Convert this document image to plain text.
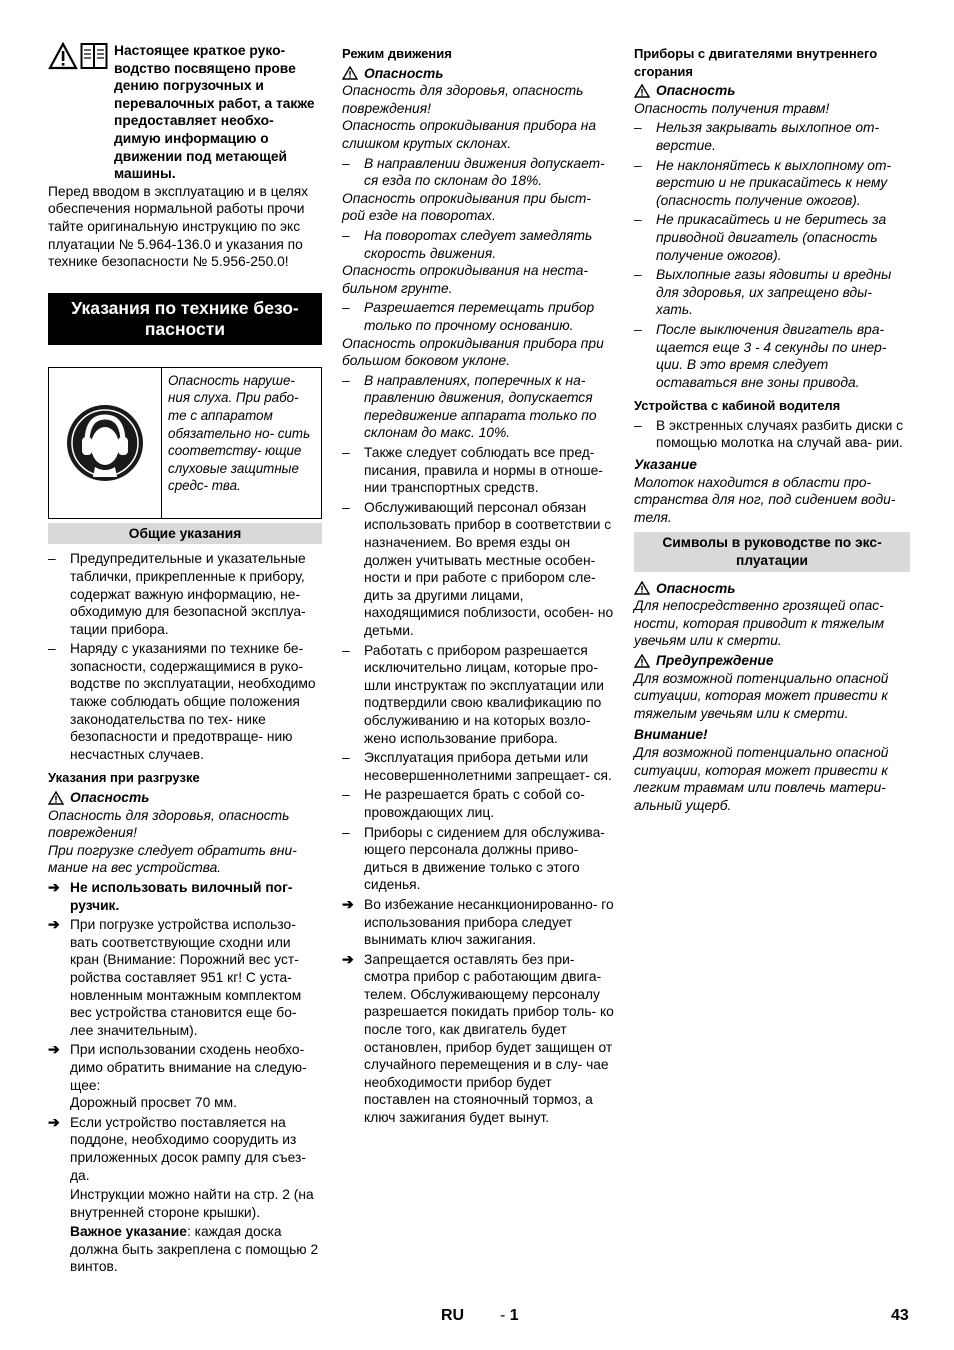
Настоящее краткое руко- водство посвящено прове дению погрузочных и перевалочных работ, а также предоставляет необхо- димую информацию о движении под метающей машины.

Перед вводом в эксплуатацию и в целях обеспечения нормальной работы прочи тайте оригинальную инструкцию по экс плуатации № 5.964-136.0 и указания по технике безопасности № 5.956-250.0!

Указания по технике безо- пасности
Опасность наруше- ния слуха. При рабо- те с аппаратом обязательно но- сить соответству- ющие слуховые защитные средс- тва.
Общие указания
–	Предупредительные и указательные таблички, прикрепленные к прибору, содержат важную информацию, не- обходимую для безопасной эксплуа- тации прибора.
–	Наряду с указаниями по технике бе- зопасности, содержащимися в руко- водстве по эксплуатации, необходимо также соблюдать общие положения законодательства по тех- нике безопасности и предотвраще- нию несчастных случаев.

Указания при разгрузке

Опасность

Опасность для здоровья, опасность повреждения!

При погрузке следует обратить вни- мание на вес устройства.

➔ Не использовать вилочный пог- рузчик.
➔ При погрузке устройства использо- вать соответствующие сходни или кран (Внимание: Порожний вес уст- ройства составляет 951 кг! С уста- новленным монтажным комплектом вес устройства становится еще бо- лее значительным).
➔ При использовании сходень необхо- димо обратить внимание на следую- щее:

Дорожный просвет 70 мм.

➔ Если устройство поставляется на поддоне, необходимо соорудить из приложенных досок рампу для съез- да.

Инструкции можно найти на стр. 2 (на внутренней стороне крышки).

Важное указание: каждая доска должна быть закреплена с помощью 2 винтов.

Режим движения

Опасность

Опасность для здоровья, опасность повреждения!

Опасность опрокидывания прибора на слишком крутых склонах.

–	В направлении движения допускает- ся езда по склонам до 18%.

Опасность опрокидывания при быст- рой езде на поворотах.

–	На поворотах следует замедлять скорость движения.

Опасность опрокидывания на неста- бильном грунте.

–	Разрешается перемещать прибор только по прочному основанию.

Опасность опрокидывания прибора при большом боковом уклоне.

–	В направлениях, поперечных к на- правлению движения, допускается передвижение аппарата только по склонам до макс. 10%.
–	Также следует соблюдать все пред- писания, правила и нормы в отноше- нии транспортных средств.
–	Обслуживающий персонал обязан использовать прибор в соответствии с назначением. Во время езды он должен учитывать местные особен- ности и при работе с прибором сле- дить за другими лицами, находящимися поблизости, особен- но детьми.
–	Работать с прибором разрешается исключительно лицам, которые про- шли инструктаж по эксплуатации или подтвердили свою квалификацию по обслуживанию и на которых возло- жено использование прибора.
–	Эксплуатация прибора детьми или несовершеннолетними запрещает- ся.
–	Не разрешается брать с собой со- провождающих лиц.
–	Приборы с сидением для обслужива- ющего персонала должны приво- диться в движение только с этого сиденья.
➔ Во избежание несанкционированно- го использования прибора следует вынимать ключ зажигания.
➔ Запрещается оставлять без при- смотра прибор с работающим двига- телем. Обслуживающему персоналу разрешается покидать прибор толь- ко после того, как двигатель будет остановлен, прибор будет защищен от случайного перемещения и в слу- чае необходимости прибор будет поставлен на стояночный тормоз, а ключ зажигания будет вынут.

Приборы с двигателями внутреннего сгорания

Опасность

Опасность получения травм!

–	Нельзя закрывать выхлопное от- верстие.
–	Не наклоняйтесь к выхлопному от- верстию и не прикасайтесь к нему (опасность получение ожогов).
–	Не прикасайтесь и не беритесь за приводной двигатель (опасность получение ожогов).
–	Выхлопные газы ядовиты и вредны для здоровья, их запрещено вды- хать.
–	После выключения двигатель вра- щается еще 3 - 4 секунды по инер- ции. В это время следует оставаться вне зоны привода.

Устройства с кабиной водителя

–	В экстренных случаях разбить диски с помощью молотка на случай ава- рии.

Указание

Молоток находится в области про- странства для ног, под сидением води- теля.

Символы в руководстве по экс- плуатации
Опасность

Для непосредственно грозящей опас- ности, которая приводит к тяжелым увечьям или к смерти.

Предупреждение

Для возможной потенциально опасной ситуации, которая может привести к тяжелым увечьям или к смерти.

Внимание!

Для возможной потенциально опасной ситуации, которая может привести к легким травмам или повлечь матери- альный ущерб.

RU - 1	43
